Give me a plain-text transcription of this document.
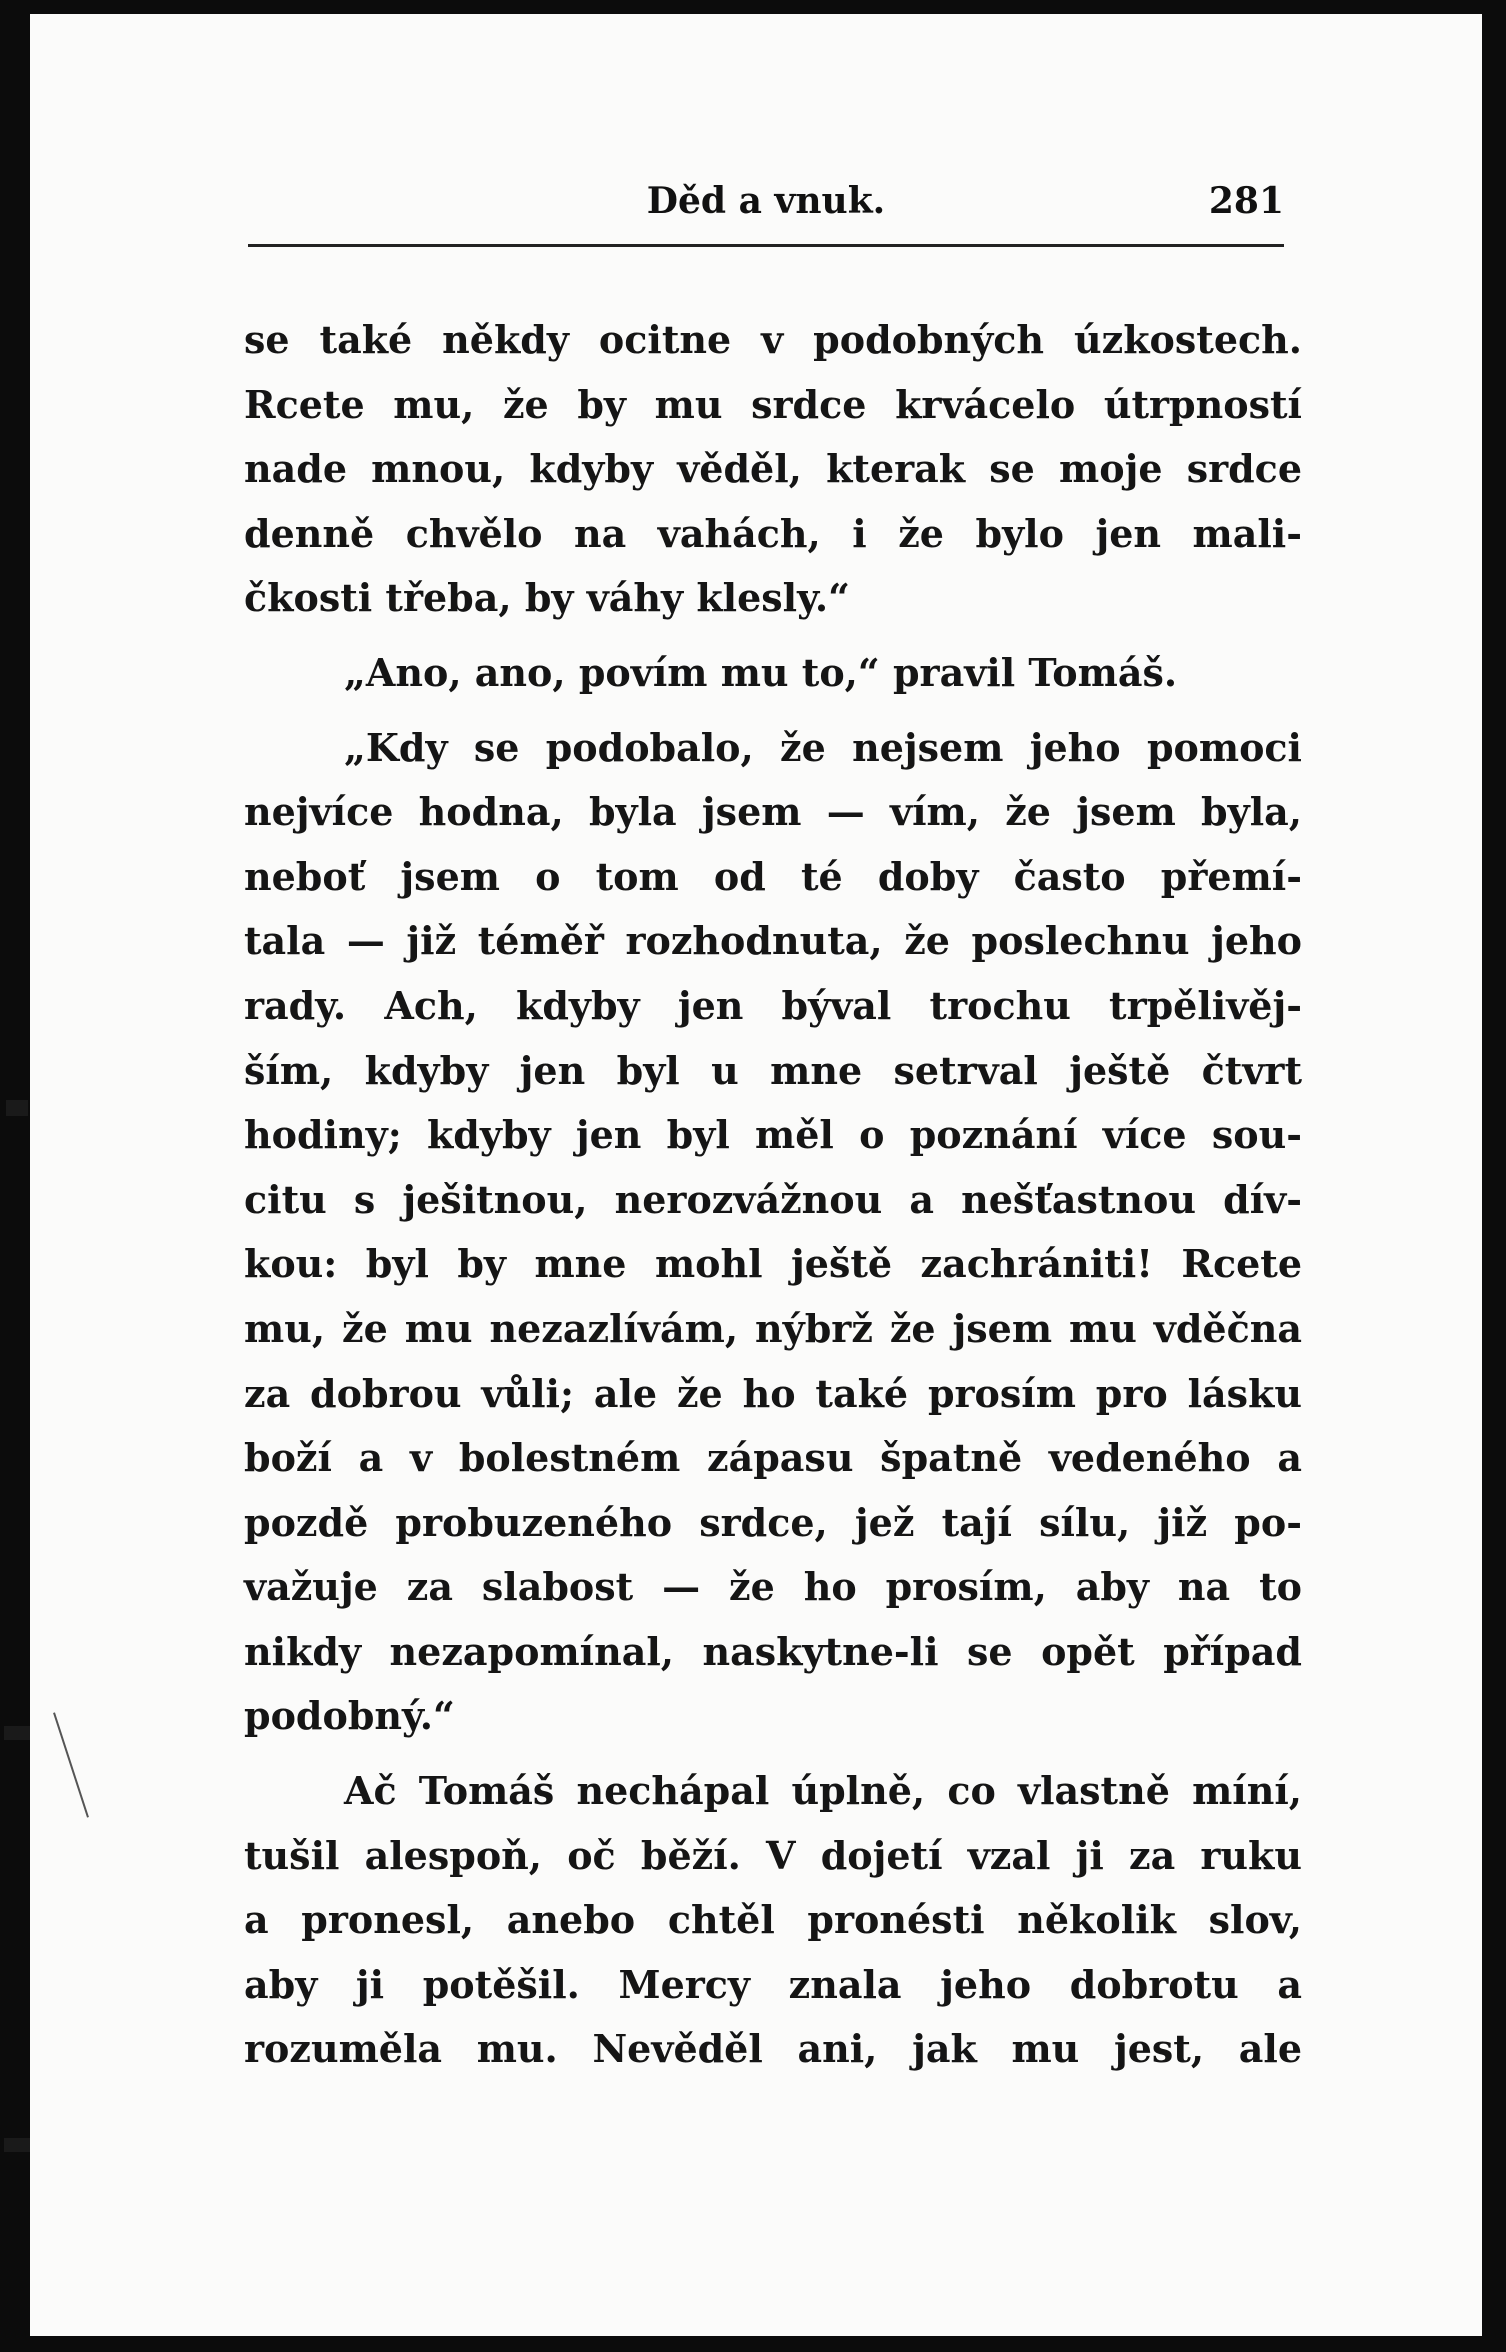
Děd a vnuk.	281
se také někdy ocitne v podobných úzkostech.
Rcete mu, že by mu srdce krvácelo útrpností
nade mnou, kdyby věděl, kterak se moje srdce
denně chvělo na vahách, i že bylo jen mali-
čkosti třeba, by váhy klesly.“
„Ano, ano, povím mu to,“ pravil Tomáš.
„Kdy se podobalo, že nejsem jeho pomoci
nejvíce hodna, byla jsem — vím, že jsem byla,
neboť jsem o tom od té doby často přemí-
tala — již téměř rozhodnuta, že poslechnu jeho
rady. Ach, kdyby jen býval trochu trpělivěj-
ším, kdyby jen byl u mne setrval ještě čtvrt
hodiny; kdyby jen byl měl o poznání více sou-
citu s ješitnou, nerozvážnou a nešťastnou dív-
kou: byl by mne mohl ještě zachrániti! Rcete
mu, že mu nezazlívám, nýbrž že jsem mu vděčna
za dobrou vůli; ale že ho také prosím pro lásku
boží a v bolestném zápasu špatně vedeného a
pozdě probuzeného srdce, jež tají sílu, již po-
važuje za slabost — že ho prosím, aby na to
nikdy nezapomínal, naskytne-li se opět případ
podobný.“
Ač Tomáš nechápal úplně, co vlastně míní,
tušil alespoň, oč běží. V dojetí vzal ji za ruku
a pronesl, anebo chtěl pronésti několik slov,
aby ji potěšil. Mercy znala jeho dobrotu a
rozuměla mu. Nevěděl ani, jak mu jest, ale
